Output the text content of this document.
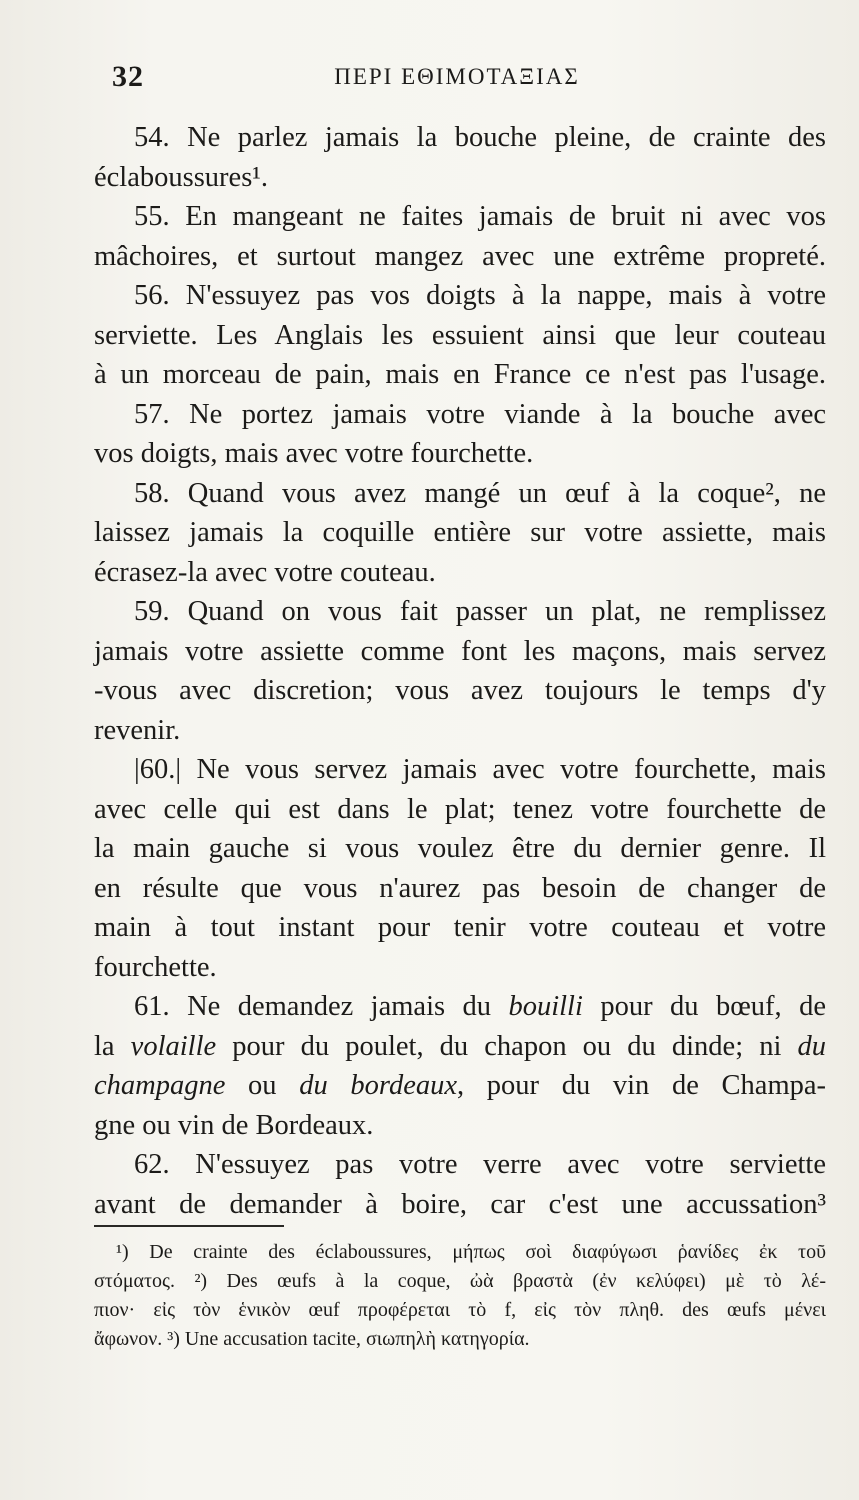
32	ΠΕΡΙ ΕΘΙΜΟΤΑΞΙΑΣ
54. Ne parlez jamais la bouche pleine, de crainte des
éclaboussures¹.
55. En mangeant ne faites jamais de bruit ni avec vos
mâchoires, et surtout mangez avec une extrême propreté.
56. N'essuyez pas vos doigts à la nappe, mais à votre
serviette. Les Anglais les essuient ainsi que leur couteau
à un morceau de pain, mais en France ce n'est pas l'usage.
57. Ne portez jamais votre viande à la bouche avec
vos doigts, mais avec votre fourchette.
58. Quand vous avez mangé un œuf à la coque², ne
laissez jamais la coquille entière sur votre assiette, mais
écrasez-la avec votre couteau.
59. Quand on vous fait passer un plat, ne remplissez
jamais votre assiette comme font les maçons, mais servez
-vous avec discretion; vous avez toujours le temps d'y
revenir.
|60.| Ne vous servez jamais avec votre fourchette, mais
avec celle qui est dans le plat; tenez votre fourchette de
la main gauche si vous voulez être du dernier genre. Il
en résulte que vous n'aurez pas besoin de changer de
main à tout instant pour tenir votre couteau et votre
fourchette.
61. Ne demandez jamais du bouilli pour du bœuf, de
la volaille pour du poulet, du chapon ou du dinde; ni du
champagne ou du bordeaux, pour du vin de Champa-
gne ou vin de Bordeaux.
62. N'essuyez pas votre verre avec votre serviette
avant de demander à boire, car c'est une accussation³
¹) De crainte des éclaboussures, μήπως σοὶ διαφύγωσι ῥανίδες ἐκ τοῦ
στόματος. ²) Des œufs à la coque, ὠὰ βραστὰ (ἐν κελύφει) μὲ τὸ λέ-
πιον· εἰς τὸν ἑνικὸν œuf προφέρεται τὸ f, εἰς τὸν πληθ. des œufs μένει
ἄφωνον. ³) Une accusation tacite, σιωπηλὴ κατηγορία.
